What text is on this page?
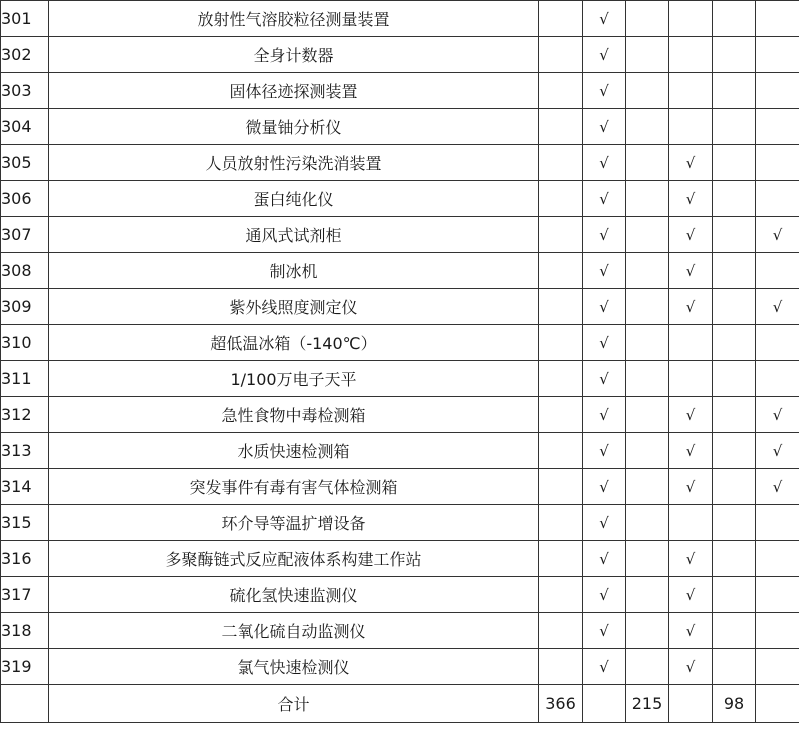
301	放射性气溶胶粒径测量装置		√				
302	全身计数器		√				
303	固体径迹探测装置		√				
304	微量铀分析仪		√				
305	人员放射性污染洗消装置		√		√		
306	蛋白纯化仪		√		√		
307	通风式试剂柜		√		√		√
308	制冰机		√		√		
309	紫外线照度测定仪		√		√		√
310	超低温冰箱（-140℃）		√				
311	1/100万电子天平		√				
312	急性食物中毒检测箱		√		√		√
313	水质快速检测箱		√		√		√
314	突发事件有毒有害气体检测箱		√		√		√
315	环介导等温扩增设备		√				
316	多聚酶链式反应配液体系构建工作站		√		√		
317	硫化氢快速监测仪		√		√		
318	二氧化硫自动监测仪		√		√		
319	氯气快速检测仪		√		√		
	合计	366		215		98	
